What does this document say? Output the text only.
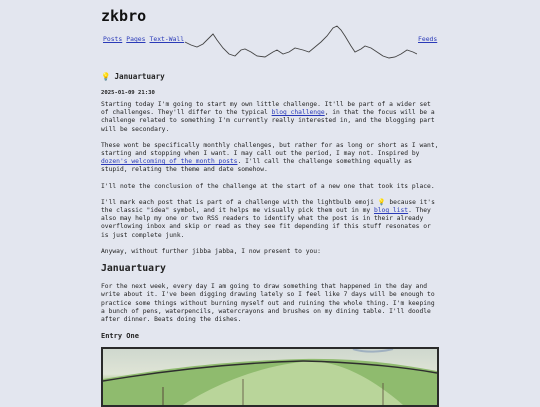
zkbro
Posts Pages Text-Wall	Feeds
💡 Januartuary
2025-01-09 21:30

Starting today I'm going to start my own little challenge. It'll be part of a wider set of challenges. They'll differ to the typical blog challenge, in that the focus will be a challenge related to something I'm currently really interested in, and the blogging part will be secondary.

These wont be specifically monthly challenges, but rather for as long or short as I want, starting and stopping when I want. I may call out the period, I may not. Inspired by dozen's welcoming of the month posts. I'll call the challenge something equally as stupid, relating the theme and date somehow.

I'll note the conclusion of the challenge at the start of a new one that took its place.

I'll mark each post that is part of a challenge with the lightbulb emoji 💡 because it's the classic "idea" symbol, and it helps me visually pick them out in my blog list. They also may help my one or two RSS readers to identify what the post is in their already overflowing inbox and skip or read as they see fit depending if this stuff resonates or is just complete junk.

Anyway, without further jibba jabba, I now present to you:

Januartuary

For the next week, every day I am going to draw something that happened in the day and write about it. I've been digging drawing lately so I feel like 7 days will be enough to practice some things without burning myself out and ruining the whole thing. I'm keeping a bunch of pens, waterpencils, watercrayons and brushes on my dining table. I'll doodle after dinner. Beats doing the dishes.

Entry One
